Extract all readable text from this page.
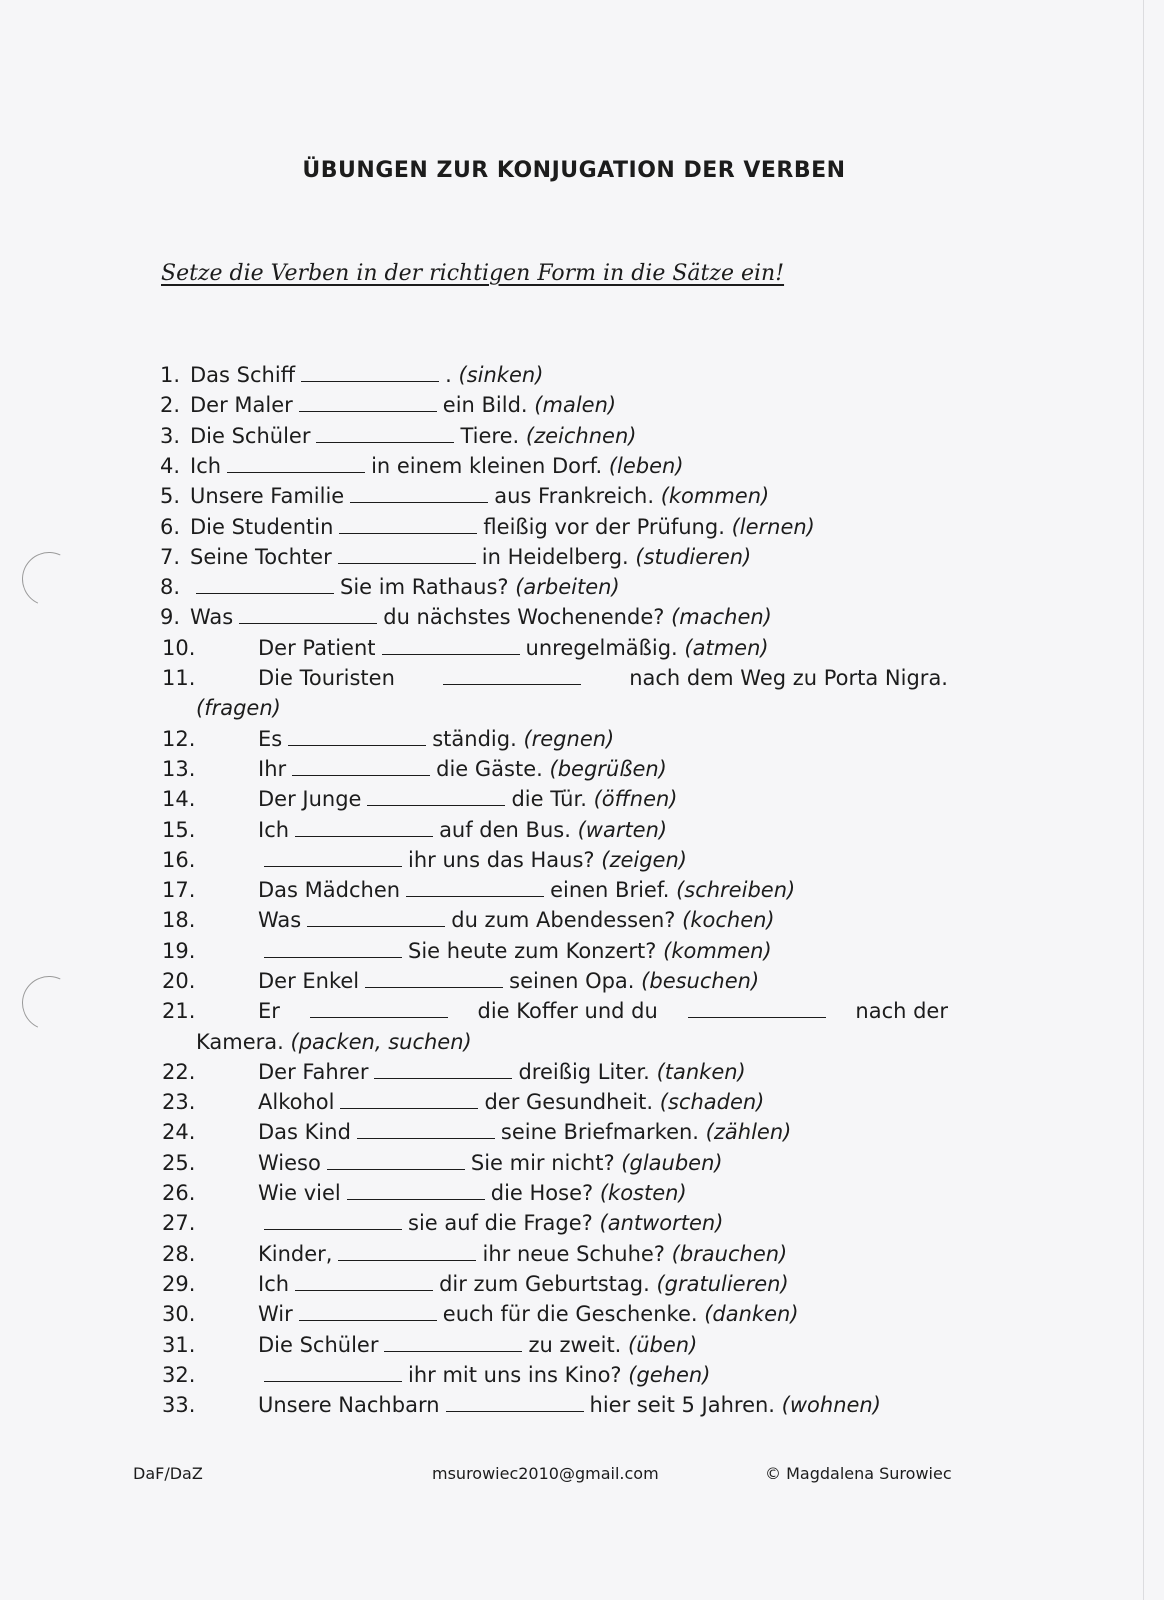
ÜBUNGEN ZUR KONJUGATION DER VERBEN
Setze die Verben in der richtigen Form in die Sätze ein!
1. Das Schiff	. (sinken)
2. Der Maler	ein Bild. (malen)
3. Die Schüler	Tiere. (zeichnen)
4. Ich	in einem kleinen Dorf. (leben)
5. Unsere Familie	aus Frankreich. (kommen)
6. Die Studentin	fleißig vor der Prüfung. (lernen)
7. Seine Tochter	in Heidelberg. (studieren)
8.	Sie im Rathaus? (arbeiten)
9. Was	du nächstes Wochenende? (machen)
10.	Der Patient	unregelmäßig. (atmen)
11.	Die Touristen	nach dem Weg zu Porta Nigra.
(fragen)
12.	Es	ständig. (regnen)
13.	Ihr	die Gäste. (begrüßen)
14.	Der Junge	die Tür. (öffnen)
15.	Ich	auf den Bus. (warten)
16.	ihr uns das Haus? (zeigen)
17.	Das Mädchen	einen Brief. (schreiben)
18.	Was	du zum Abendessen? (kochen)
19.	Sie heute zum Konzert? (kommen)
20.	Der Enkel	seinen Opa. (besuchen)
21.	Er	die Koffer und du	nach der
Kamera. (packen, suchen)
22.	Der Fahrer	dreißig Liter. (tanken)
23.	Alkohol	der Gesundheit. (schaden)
24.	Das Kind	seine Briefmarken. (zählen)
25.	Wieso	Sie mir nicht? (glauben)
26.	Wie viel	die Hose? (kosten)
27.	sie auf die Frage? (antworten)
28.	Kinder,	ihr neue Schuhe? (brauchen)
29.	Ich	dir zum Geburtstag. (gratulieren)
30.	Wir	euch für die Geschenke. (danken)
31.	Die Schüler	zu zweit. (üben)
32.	ihr mit uns ins Kino? (gehen)
33.	Unsere Nachbarn	hier seit 5 Jahren. (wohnen)
DaF/DaZ	msurowiec2010@gmail.com	© Magdalena Surowiec
